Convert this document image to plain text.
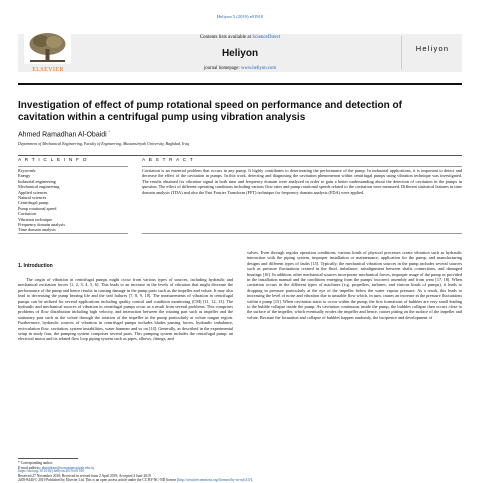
Heliyon 5 (2019) e01910
ELSEVIER
Contents lists available at ScienceDirect
Heliyon
journal homepage: www.heliyon.com
Heliyon
Investigation of effect of pump rotational speed on performance and detection of cavitation within a centrifugal pump using vibration analysis
Ahmed Ramadhan Al-Obaidi *
Department of Mechanical Engineering, Faculty of Engineering, Mustansiriyah University, Baghdad, Iraq
A R T I C L E I N F O	A B S T R A C T
Keywords:
Energy
Industrial engineering
Mechanical engineering
Applied sciences
Natural sciences
Centrifugal pump
Pump rotational speed
Cavitation
Vibration technique
Frequency domain analysis
Time domain analysis
Cavitation is an essential problem that occurs in any pump. It highly contributes to deteriorating the performance of the pump. In industrial applications, it is important to detect and decrease the effect of the cavitation in pumps. In this work, detecting and diagnosing the cavitation phenomenon within centrifugal pumps using vibration technique was investigated. The results obtained for vibration signal in both time and frequency domain were analyzed in order to gain a better understanding about the detection of cavitation in the pumps in question. The effect of different operating conditions including various flow rates and pump rotational speeds related to the cavitation were measured. Different statistical features in time domain analysis (TDA) and also the Fast Fourier Transform (FFT) technique for frequency domain analysis (FDA) were applied.
1. Introduction
The origin of vibration in centrifugal pumps might occur from various types of sources, including hydraulic and mechanical excitation forces [1, 2, 3, 4, 5, 6]. This leads to an increase in the levels of vibration that might decrease the performance of the pump and hence results in causing damage in the pump parts such as the impeller and volute. It may also lead to decreasing the pump bearing life and the seal failures [7, 8, 9, 10]. The measurements of vibration in centrifugal pumps can be utilized for several applications including quality control and condition monitoring (CM) [11, 12, 13]. The hydraulic and mechanical sources of vibration in centrifugal pumps occur as a result from several problems. This comprises problems of flow distribution including high velocity, and interaction between the rotating part such as impeller and the stationary part such as the volute through the rotation of the impeller in the pump particularly at volute tongue region. Furthermore, hydraulic sources of vibration in centrifugal pumps includes blades passing forces, hydraulic imbalance, recirculation flow, cavitation, system instabilities, water hammer and so on [14]. Generally, as described in the experimental setup in study four, the pumping system comprises several parts. This pumping system includes the centrifugal pump, an electrical motor and its related flow loop piping system such as pipes, elbows, fittings, and
valves. Even through regular operation conditions, various kinds of physical processes create vibration such as hydraulic interaction with the piping system, improper installation or maintenance, application for the pump, and manufacturing designs and different types of faults [15]. Typically, the mechanical vibration sources in the pump includes several sources such as pressure fluctuations created in the fluid, imbalance, misalignment between shafts connections, and damaged bearings [16]. In addition, other mechanical sources incorporate mechanical forces, improper usage of the pump as provided in the installation manual and the conditions emerging from the pumps' incorrect assembly and from wear [17, 18]. When cavitation occurs in the different types of machines (e.g. propellers, turbines, and various kinds of pumps), it leads to dropping in pressure particularly at the eye of the impeller below the water vapour pressure. As a result, this leads to increasing the level of noise and vibration due to unstable flow which, in turn, causes an increase in the pressure fluctuations within a pump [15]. When cavitation starts to occur within the pump, the first formations of bubbles are very small leading to the bubble collapse inside the pump. As cavitation continuous inside the pump, the bubbles collapse then occurs close to the surface of the impeller, which eventually erodes the impeller and hence, causes pitting on the surface of the impeller and volute. Because the formation and collapse of bubbles happen randomly, the incipience and development of
* Corresponding author.
E-mail address: ahmedram@uomustansiriyah.edu.iq
https://doi.org/10.1016/j.heliyon.2019.e01910
Received 27 November 2018; Received in revised form 2 April 2019; Accepted 3 June 2019
2405-8440/© 2019 Published by Elsevier Ltd. This is an open access article under the CC BY-NC-ND license (http://creativecommons.org/licenses/by-nc-nd/4.0/).
